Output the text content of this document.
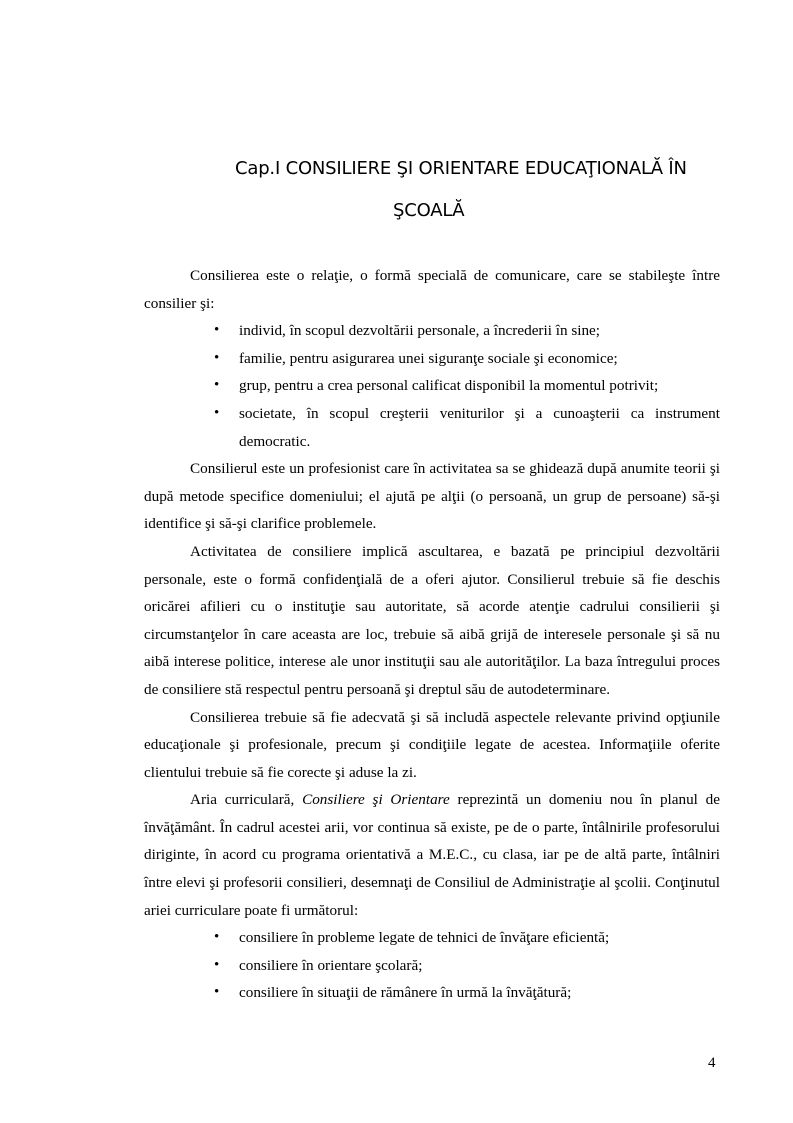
Cap.I CONSILIERE ŞI ORIENTARE EDUCAŢIONALĂ ÎN
ŞCOALĂ

Consilierea este o relaţie, o formă specială de comunicare, care se stabileşte între consilier şi:

• individ, în scopul dezvoltării personale, a încrederii în sine;
• familie, pentru asigurarea unei siguranţe sociale şi economice;
• grup, pentru a crea personal calificat disponibil la momentul potrivit;
• societate, în scopul creşterii veniturilor şi a cunoaşterii ca instrument democratic.

Consilierul este un profesionist care în activitatea sa se ghidează după anumite teorii şi după metode specifice domeniului; el ajută pe alţii (o persoană, un grup de persoane) să-şi identifice şi să-şi clarifice problemele.

Activitatea de consiliere implică ascultarea, e bazată pe principiul dezvoltării personale, este o formă confidenţială de a oferi ajutor. Consilierul trebuie să fie deschis oricărei afilieri cu o instituţie sau autoritate, să acorde atenţie cadrului consilierii şi circumstanţelor în care aceasta are loc, trebuie să aibă grijă de interesele personale şi să nu aibă interese politice, interese ale unor instituţii sau ale autorităţilor. La baza întregului proces de consiliere stă respectul pentru persoană şi dreptul său de autodeterminare.

Consilierea trebuie să fie adecvată şi să includă aspectele relevante privind opţiunile educaţionale şi profesionale, precum şi condiţiile legate de acestea. Informaţiile oferite clientului trebuie să fie corecte şi aduse la zi.

Aria curriculară, Consiliere şi Orientare reprezintă un domeniu nou în planul de învăţământ. În cadrul acestei arii, vor continua să existe, pe de o parte, întâlnirile profesorului diriginte, în acord cu programa orientativă a M.E.C., cu clasa, iar pe de altă parte, întâlniri între elevi şi profesorii consilieri, desemnaţi de Consiliul de Administraţie al şcolii. Conţinutul ariei curriculare poate fi următorul:

• consiliere în probleme legate de tehnici de învăţare eficientă;
• consiliere în orientare şcolară;
• consiliere în situaţii de rămânere în urmă la învăţătură;
4
